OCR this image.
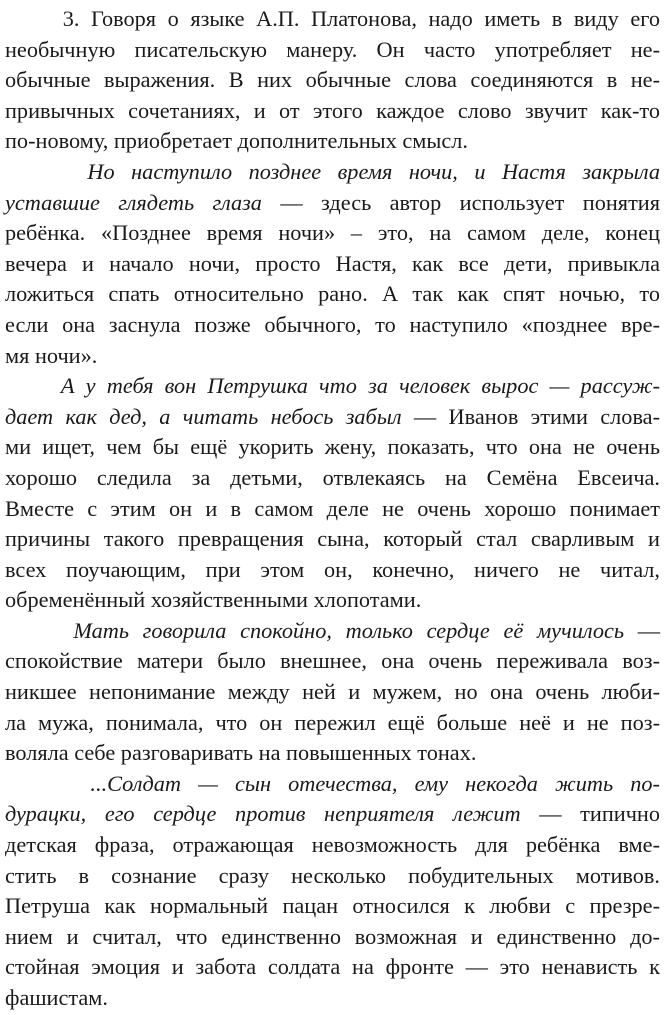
3. Говоря о языке А.П. Платонова, надо иметь в виду его
необычную писательскую манеру. Он часто употребляет не-
обычные выражения. В них обычные слова соединяются в не-
привычных сочетаниях, и от этого каждое слово звучит как-то
по-новому, приобретает дополнительных смысл.
Но наступило позднее время ночи, и Настя закрыла
уставшие глядеть глаза — здесь автор использует понятия
ребёнка. «Позднее время ночи» – это, на самом деле, конец
вечера и начало ночи, просто Настя, как все дети, привыкла
ложиться спать относительно рано. А так как спят ночью, то
если она заснула позже обычного, то наступило «позднее вре-
мя ночи».
А у тебя вон Петрушка что за человек вырос — рассуж-
дает как дед, а читать небось забыл — Иванов этими слова-
ми ищет, чем бы ещё укорить жену, показать, что она не очень
хорошо следила за детьми, отвлекаясь на Семёна Евсеича.
Вместе с этим он и в самом деле не очень хорошо понимает
причины такого превращения сына, который стал сварливым и
всех поучающим, при этом он, конечно, ничего не читал,
обременённый хозяйственными хлопотами.
Мать говорила спокойно, только сердце её мучилось —
спокойствие матери было внешнее, она очень переживала воз-
никшее непонимание между ней и мужем, но она очень люби-
ла мужа, понимала, что он пережил ещё больше неё и не поз-
воляла себе разговаривать на повышенных тонах.
...Солдат — сын отечества, ему некогда жить по-
дурацки, его сердце против неприятеля лежит — типично
детская фраза, отражающая невозможность для ребёнка вме-
стить в сознание сразу несколько побудительных мотивов.
Петруша как нормальный пацан относился к любви с презре-
нием и считал, что единственно возможная и единственно до-
стойная эмоция и забота солдата на фронте — это ненависть к
фашистам.
